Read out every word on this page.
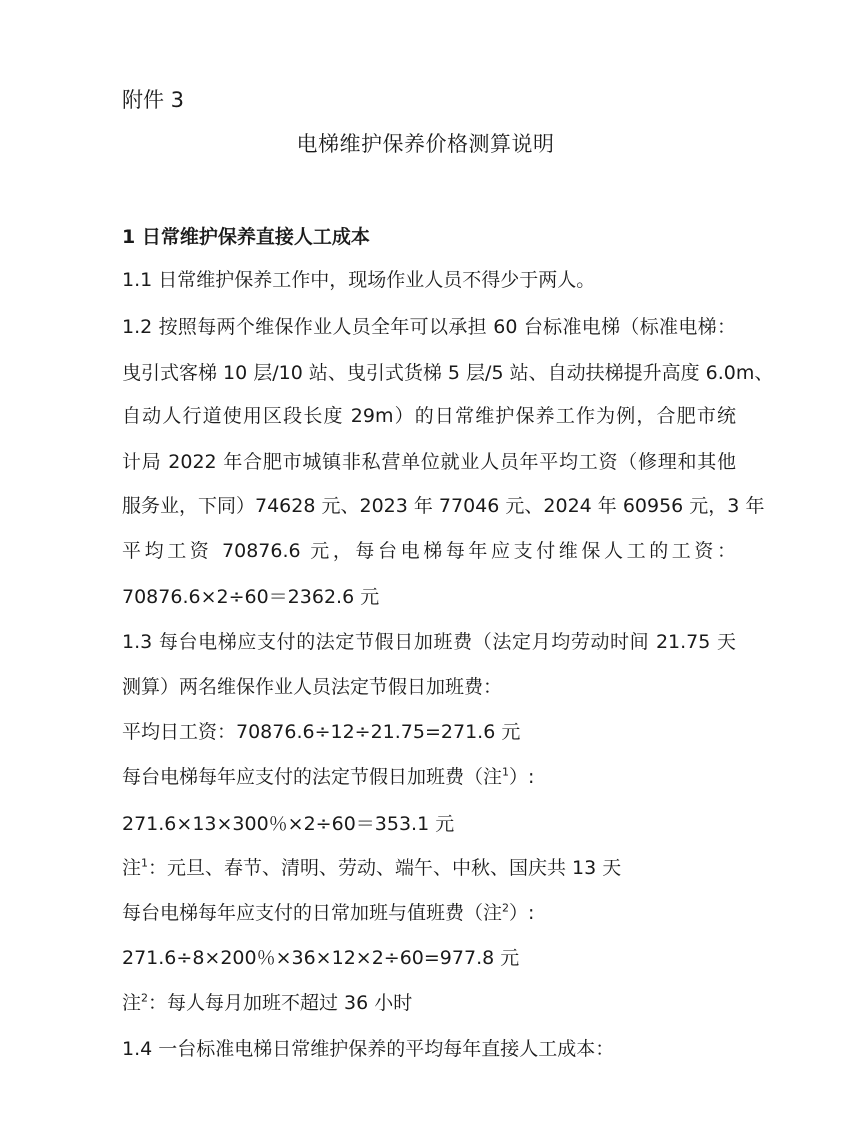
附件 3
电梯维护保养价格测算说明
1 日常维护保养直接人工成本
1.1 日常维护保养工作中，现场作业人员不得少于两人。
1.2 按照每两个维保作业人员全年可以承担 60 台标准电梯（标准电梯：
曳引式客梯 10 层/10 站、曳引式货梯 5 层/5 站、自动扶梯提升高度 6.0m、
自动人行道使用区段长度 29m）的日常维护保养工作为例，合肥市统
计局 2022 年合肥市城镇非私营单位就业人员年平均工资（修理和其他
服务业，下同）74628 元、2023 年 77046 元、2024 年 60956 元，3 年
平均工资 70876.6 元，每台电梯每年应支付维保人工的工资：
70876.6×2÷60＝2362.6 元
1.3 每台电梯应支付的法定节假日加班费（法定月均劳动时间 21.75 天
测算）两名维保作业人员法定节假日加班费：
平均日工资：70876.6÷12÷21.75=271.6 元
每台电梯每年应支付的法定节假日加班费（注$^1$）:
271.6×13×300％×2÷60＝353.1 元
注$^1$：元旦、春节、清明、劳动、端午、中秋、国庆共 13 天
每台电梯每年应支付的日常加班与值班费（注$^2$）:
271.6÷8×200％×36×12×2÷60=977.8 元
注$^2$：每人每月加班不超过 36 小时
1.4 一台标准电梯日常维护保养的平均每年直接人工成本：
